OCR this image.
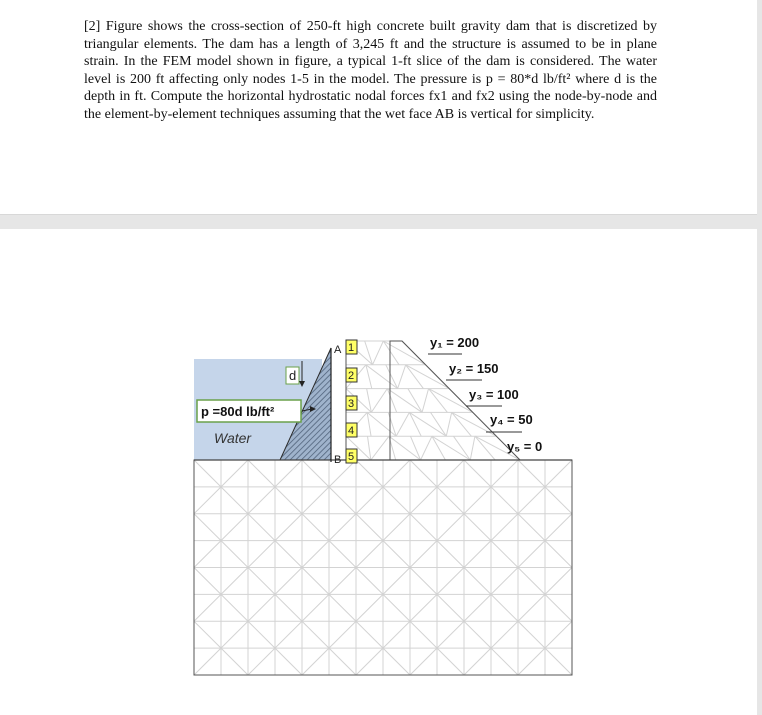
[2] Figure shows the cross-section of 250-ft high concrete built gravity dam that is discretized by triangular elements. The dam has a length of 3,245 ft and the structure is assumed to be in plane strain. In the FEM model shown in figure, a typical 1-ft slice of the dam is considered. The water level is 200 ft affecting only nodes 1-5 in the model. The pressure is p = 80*d lb/ft² where d is the depth in ft. Compute the horizontal hydrostatic nodal forces fx1 and fx2 using the node-by-node and the element-by-element techniques assuming that the wet face AB is vertical for simplicity.
A
B
1
2
3
4
5
d
p =80d lb/ft²
Water
y₁ = 200
y₂ = 150
y₃ = 100
y₄ = 50
y₅ = 0
